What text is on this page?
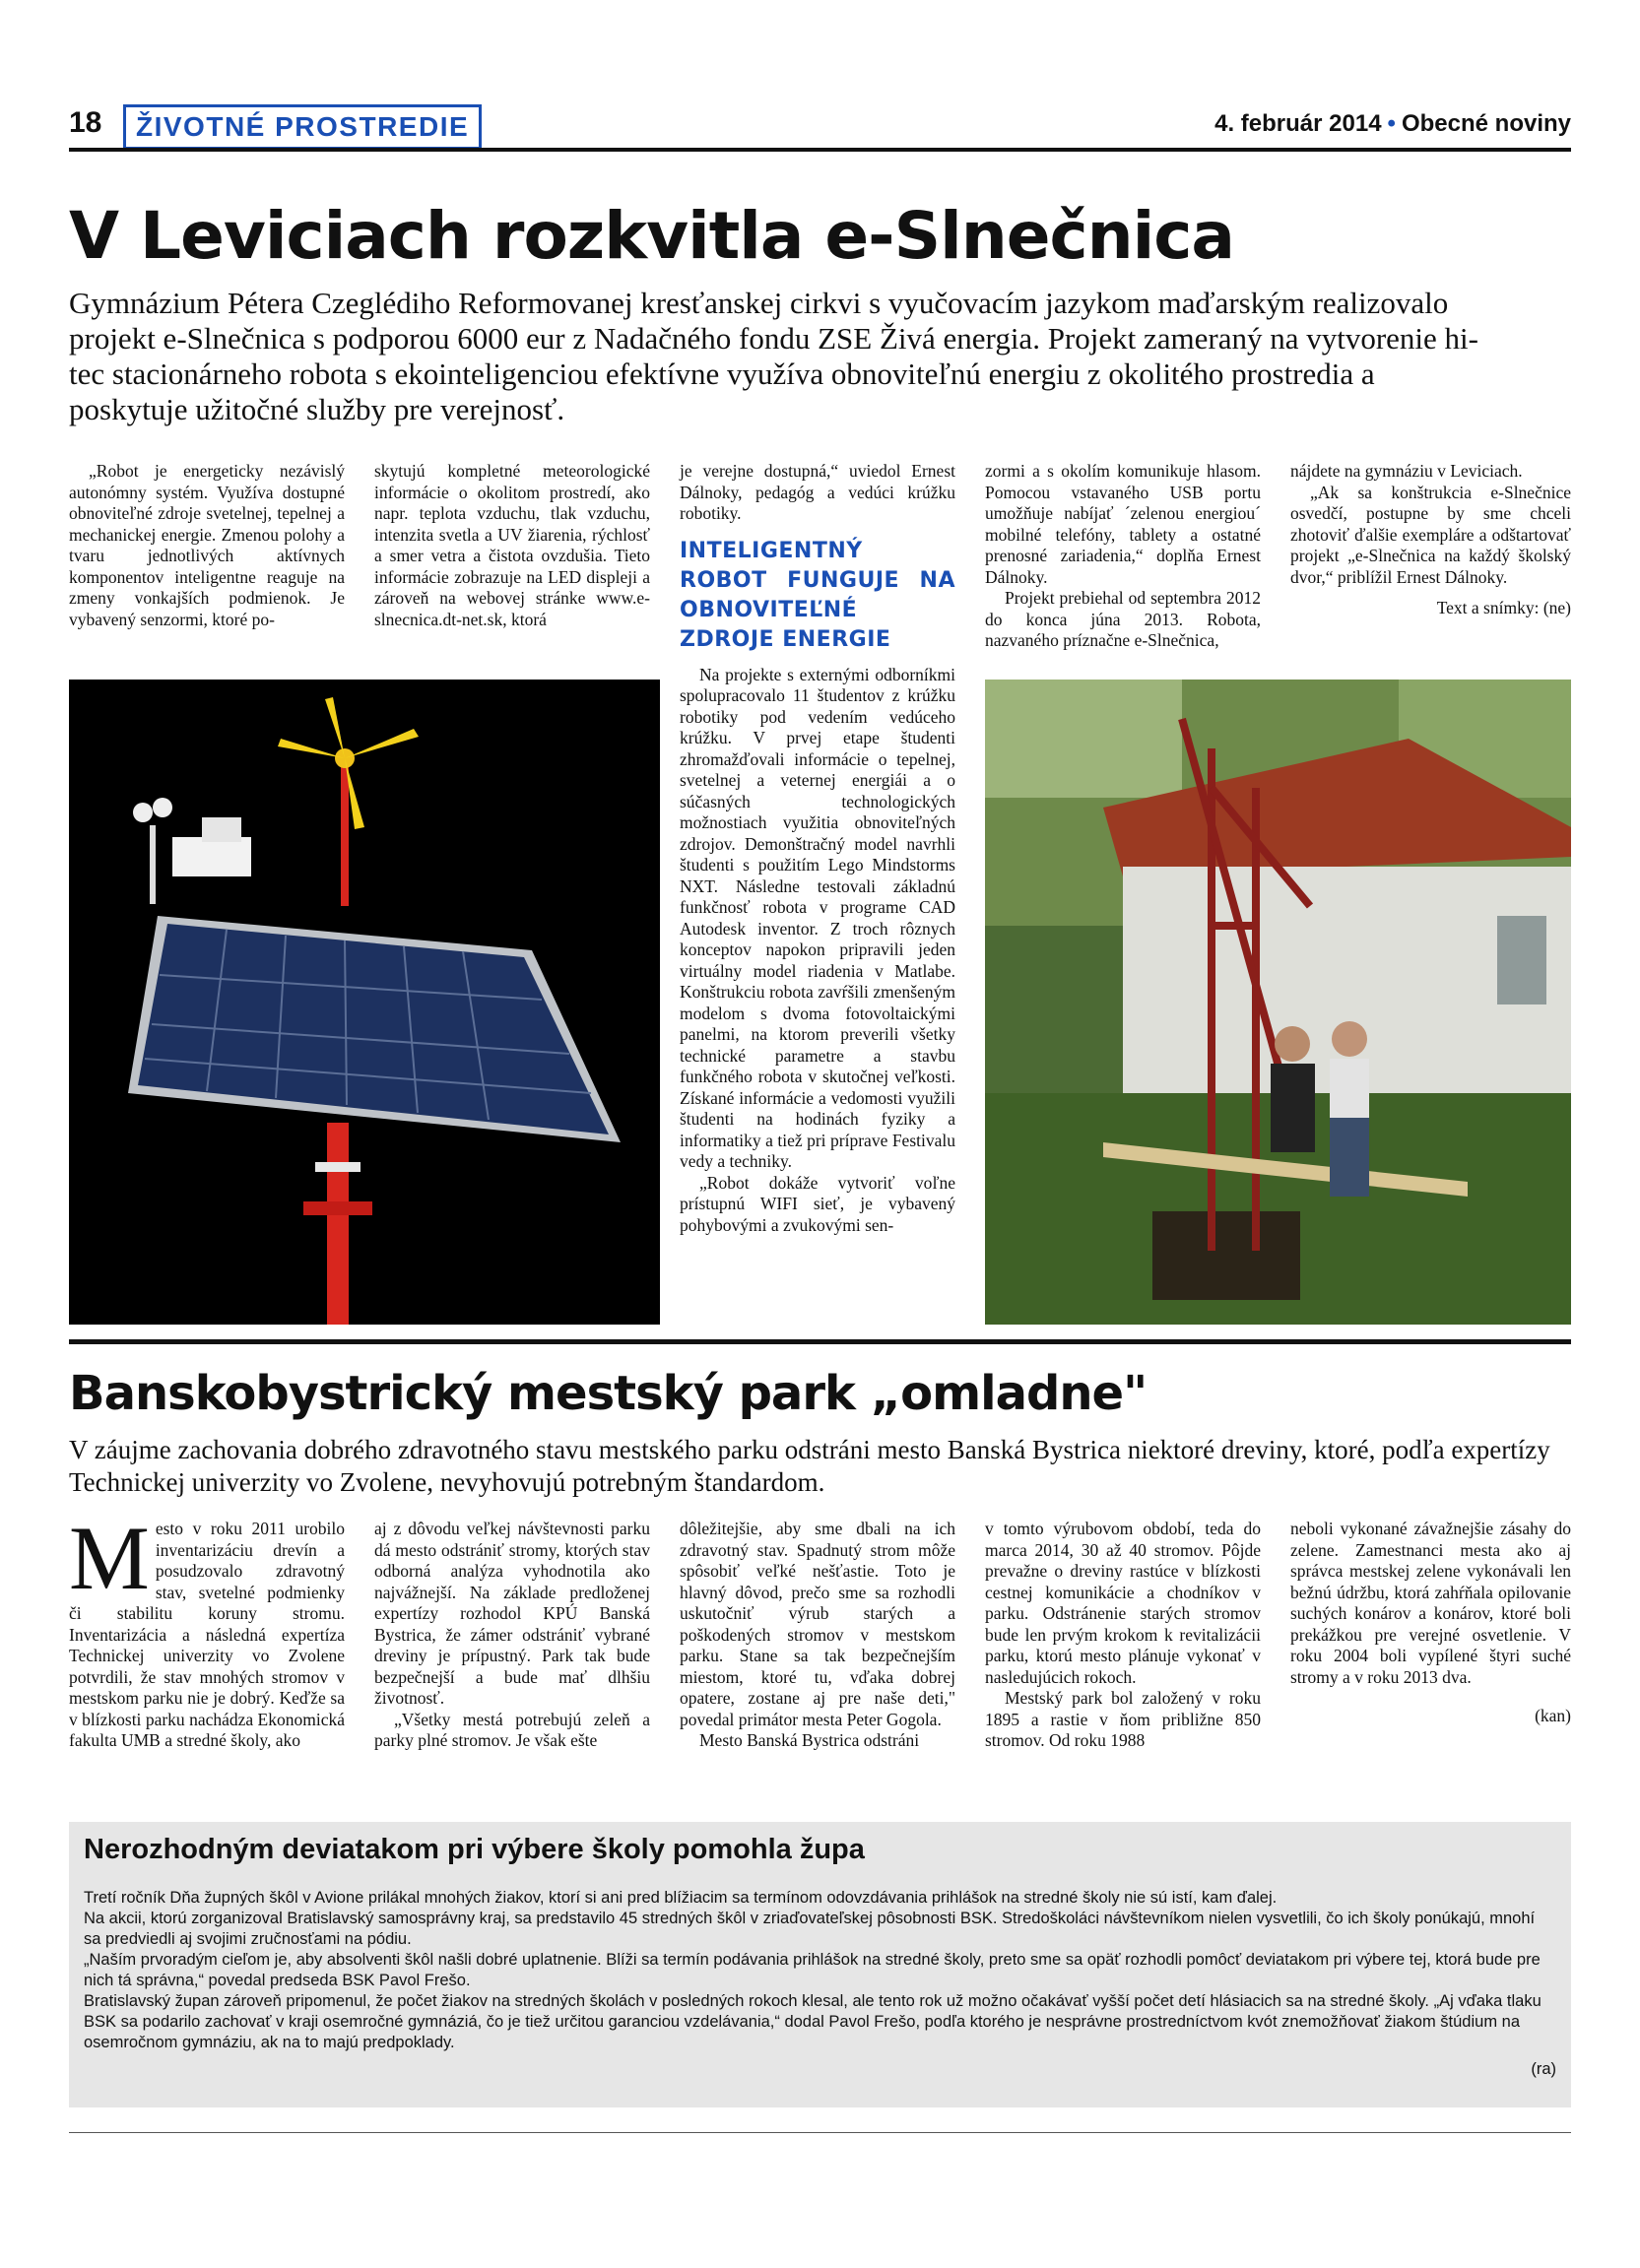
18	ŽIVOTNÉ PROSTREDIE	4. február 2014 • Obecné noviny
V Leviciach rozkvitla e-Slnečnica
Gymnázium Pétera Czeglédiho Reformovanej kresťanskej cirkvi s vyučovacím jazykom maďarským realizovalo projekt e-Slnečnica s podporou 6000 eur z Nadačného fondu ZSE Živá energia. Projekt zameraný na vytvorenie hi-tec stacionárneho robota s ekointeligenciou efektívne využíva obnoviteľnú energiu z okolitého prostredia a poskytuje užitočné služby pre verejnosť.

„Robot je energeticky nezávislý autonómny systém. Využíva dostupné obnoviteľné zdroje svetelnej, tepelnej a mechanickej energie. Zmenou polohy a tvaru jednotlivých aktívnych komponentov inteligentne reaguje na zmeny vonkajších podmienok. Je vybavený senzormi, ktoré po-

skytujú kompletné meteorologické informácie o okolitom prostredí, ako napr. teplota vzduchu, tlak vzduchu, intenzita svetla a UV žiarenia, rýchlosť a smer vetra a čistota ovzdušia. Tieto informácie zobrazuje na LED displeji a zároveň na webovej stránke www.e-slnecnica.dt-net.sk, ktorá

je verejne dostupná,“ uviedol Ernest Dálnoky, pedagóg a vedúci krúžku robotiky.

INTELIGENTNÝ ROBOT FUNGUJE NA OBNOVITEĽNÉ ZDROJE ENERGIE

Na projekte s externými odborníkmi spolupracovalo 11 študentov z krúžku robotiky pod vedením vedúceho krúžku. V prvej etape študenti zhromažďovali informácie o tepelnej, svetelnej a veternej energiái a o súčasných technologických možnostiach využitia obnoviteľných zdrojov. Demonštračný model navrhli študenti s použitím Lego Mindstorms NXT. Následne testovali základnú funkčnosť robota v programe CAD Autodesk inventor. Z troch rôznych konceptov napokon pripravili jeden virtuálny model riadenia v Matlabe. Konštrukciu robota zavŕšili zmenšeným modelom s dvoma fotovoltaickými panelmi, na ktorom preverili všetky technické parametre a stavbu funkčného robota v skutočnej veľkosti. Získané informácie a vedomosti využili študenti na hodinách fyziky a informatiky a tiež pri príprave Festivalu vedy a techniky.

„Robot dokáže vytvoriť voľne prístupnú WIFI sieť, je vybavený pohybovými a zvukovými sen-

zormi a s okolím komunikuje hlasom. Pomocou vstavaného USB portu umožňuje nabíjať ´zelenou energiou´ mobilné telefóny, tablety a ostatné prenosné zariadenia,“ doplňa Ernest Dálnoky.

Projekt prebiehal od septembra 2012 do konca júna 2013. Robota, nazvaného príznačne e-Slnečnica,

nájdete na gymnáziu v Leviciach.

„Ak sa konštrukcia e-Slnečnice osvedčí, postupne by sme chceli zhotoviť ďalšie exempláre a odštartovať projekt „e-Slnečnica na každý školský dvor,“ priblížil Ernest Dálnoky.

Text a snímky: (ne)
Banskobystrický mestský park „omladne"
V záujme zachovania dobrého zdravotného stavu mestského parku odstráni mesto Banská Bystrica niektoré dreviny, ktoré, podľa expertízy Technickej univerzity vo Zvolene, nevyhovujú potrebným štandardom.
Mesto v roku 2011 urobilo inventarizáciu drevín a posudzovalo zdravotný stav, svetelné podmienky či stabilitu koruny stromu. Inventarizácia a následná expertíza Technickej univerzity vo Zvolene potvrdili, že stav mnohých stromov v mestskom parku nie je dobrý. Keďže sa v blízkosti parku nachádza Ekonomická fakulta UMB a stredné školy, ako

aj z dôvodu veľkej návštevnosti parku dá mesto odstrániť stromy, ktorých stav odborná analýza vyhodnotila ako najvážnejší. Na základe predloženej expertízy rozhodol KPÚ Banská Bystrica, že zámer odstrániť vybrané dreviny je prípustný. Park tak bude bezpečnejší a bude mať dlhšiu životnosť.

„Všetky mestá potrebujú zeleň a parky plné stromov. Je však ešte

dôležitejšie, aby sme dbali na ich zdravotný stav. Spadnutý strom môže spôsobiť veľké nešťastie. Toto je hlavný dôvod, prečo sme sa rozhodli uskutočniť výrub starých a poškodených stromov v mestskom parku. Stane sa tak bezpečnejším miestom, ktoré tu, vďaka dobrej opatere, zostane aj pre naše deti," povedal primátor mesta Peter Gogola.

Mesto Banská Bystrica odstráni

v tomto výrubovom období, teda do marca 2014, 30 až 40 stromov. Pôjde prevažne o dreviny rastúce v blízkosti cestnej komunikácie a chodníkov v parku. Odstránenie starých stromov bude len prvým krokom k revitalizácii parku, ktorú mesto plánuje vykonať v nasledujúcich rokoch.

Mestský park bol založený v roku 1895 a rastie v ňom približne 850 stromov. Od roku 1988

neboli vykonané závažnejšie zásahy do zelene. Zamestnanci mesta ako aj správca mestskej zelene vykonávali len bežnú údržbu, ktorá zahŕňala opilovanie suchých konárov a konárov, ktoré boli prekážkou pre verejné osvetlenie. V roku 2004 boli vypílené štyri suché stromy a v roku 2013 dva.

(kan)
Nerozhodným deviatakom pri výbere školy pomohla župa

Tretí ročník Dňa župných škôl v Avione prilákal mnohých žiakov, ktorí si ani pred blížiacim sa termínom odovzdávania prihlášok na stredné školy nie sú istí, kam ďalej.

Na akcii, ktorú zorganizoval Bratislavský samosprávny kraj, sa predstavilo 45 stredných škôl v zriaďovateľskej pôsobnosti BSK. Stredoškoláci návštevníkom nielen vysvetlili, čo ich školy ponúkajú, mnohí sa predviedli aj svojimi zručnosťami na pódiu.

„Naším prvoradým cieľom je, aby absolventi škôl našli dobré uplatnenie. Blíži sa termín podávania prihlášok na stredné školy, preto sme sa opäť rozhodli pomôcť deviatakom pri výbere tej, ktorá bude pre nich tá správna,“ povedal predseda BSK Pavol Frešo.

Bratislavský župan zároveň pripomenul, že počet žiakov na stredných školách v posledných rokoch klesal, ale tento rok už možno očakávať vyšší počet detí hlásiacich sa na stredné školy. „Aj vďaka tlaku BSK sa podarilo zachovať v kraji osemročné gymnáziá, čo je tiež určitou garanciou vzdelávania,“ dodal Pavol Frešo, podľa ktorého je nesprávne prostredníctvom kvót znemožňovať žiakom štúdium na osemročnom gymnáziu, ak na to majú predpoklady.

(ra)
